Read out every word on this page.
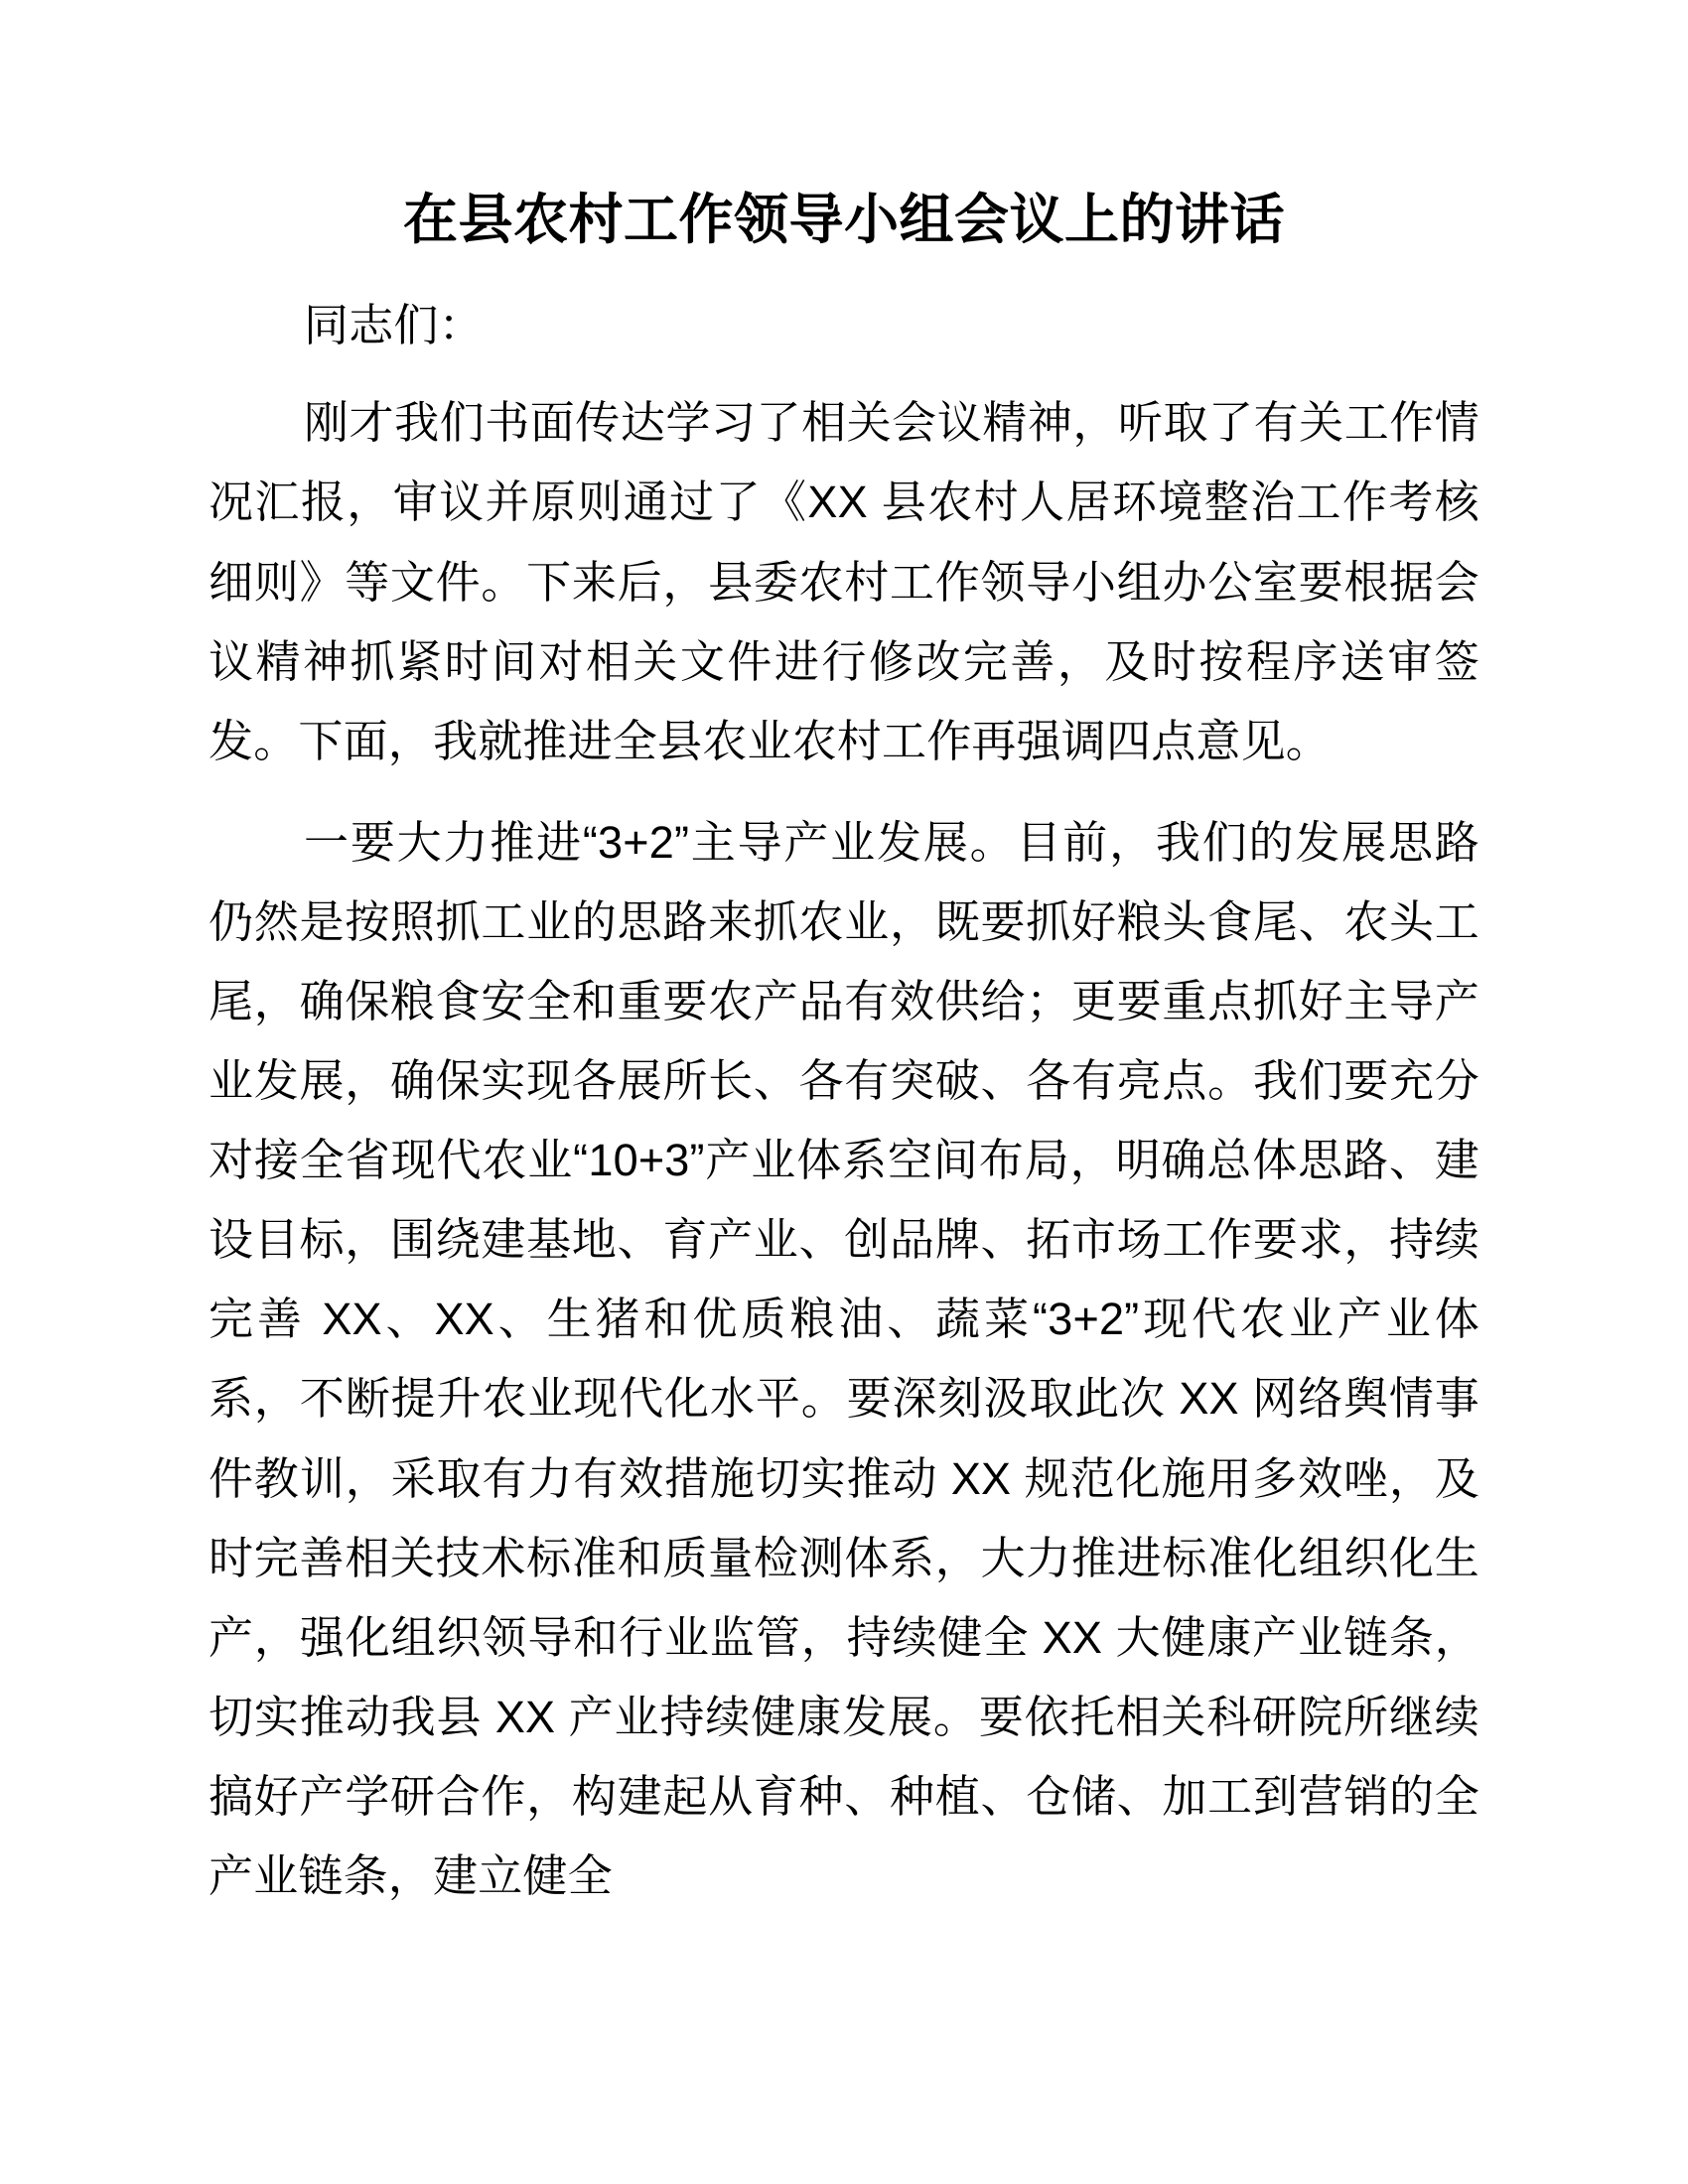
在县农村工作领导小组会议上的讲话

同志们：

刚才我们书面传达学习了相关会议精神，听取了有关工作情况汇报，审议并原则通过了《XX 县农村人居环境整治工作考核细则》等文件。下来后，县委农村工作领导小组办公室要根据会议精神抓紧时间对相关文件进行修改完善，及时按程序送审签发。下面，我就推进全县农业农村工作再强调四点意见。

一要大力推进“3+2”主导产业发展。目前，我们的发展思路仍然是按照抓工业的思路来抓农业，既要抓好粮头食尾、农头工尾，确保粮食安全和重要农产品有效供给；更要重点抓好主导产业发展，确保实现各展所长、各有突破、各有亮点。我们要充分对接全省现代农业“10+3”产业体系空间布局，明确总体思路、建设目标，围绕建基地、育产业、创品牌、拓市场工作要求，持续完善 XX、XX、生猪和优质粮油、蔬菜“3+2”现代农业产业体系，不断提升农业现代化水平。要深刻汲取此次 XX 网络舆情事件教训，采取有力有效措施切实推动 XX 规范化施用多效唑，及时完善相关技术标准和质量检测体系，大力推进标准化组织化生产，强化组织领导和行业监管，持续健全 XX 大健康产业链条，切实推动我县 XX 产业持续健康发展。要依托相关科研院所继续搞好产学研合作，构建起从育种、种植、仓储、加工到营销的全产业链条，建立健全
